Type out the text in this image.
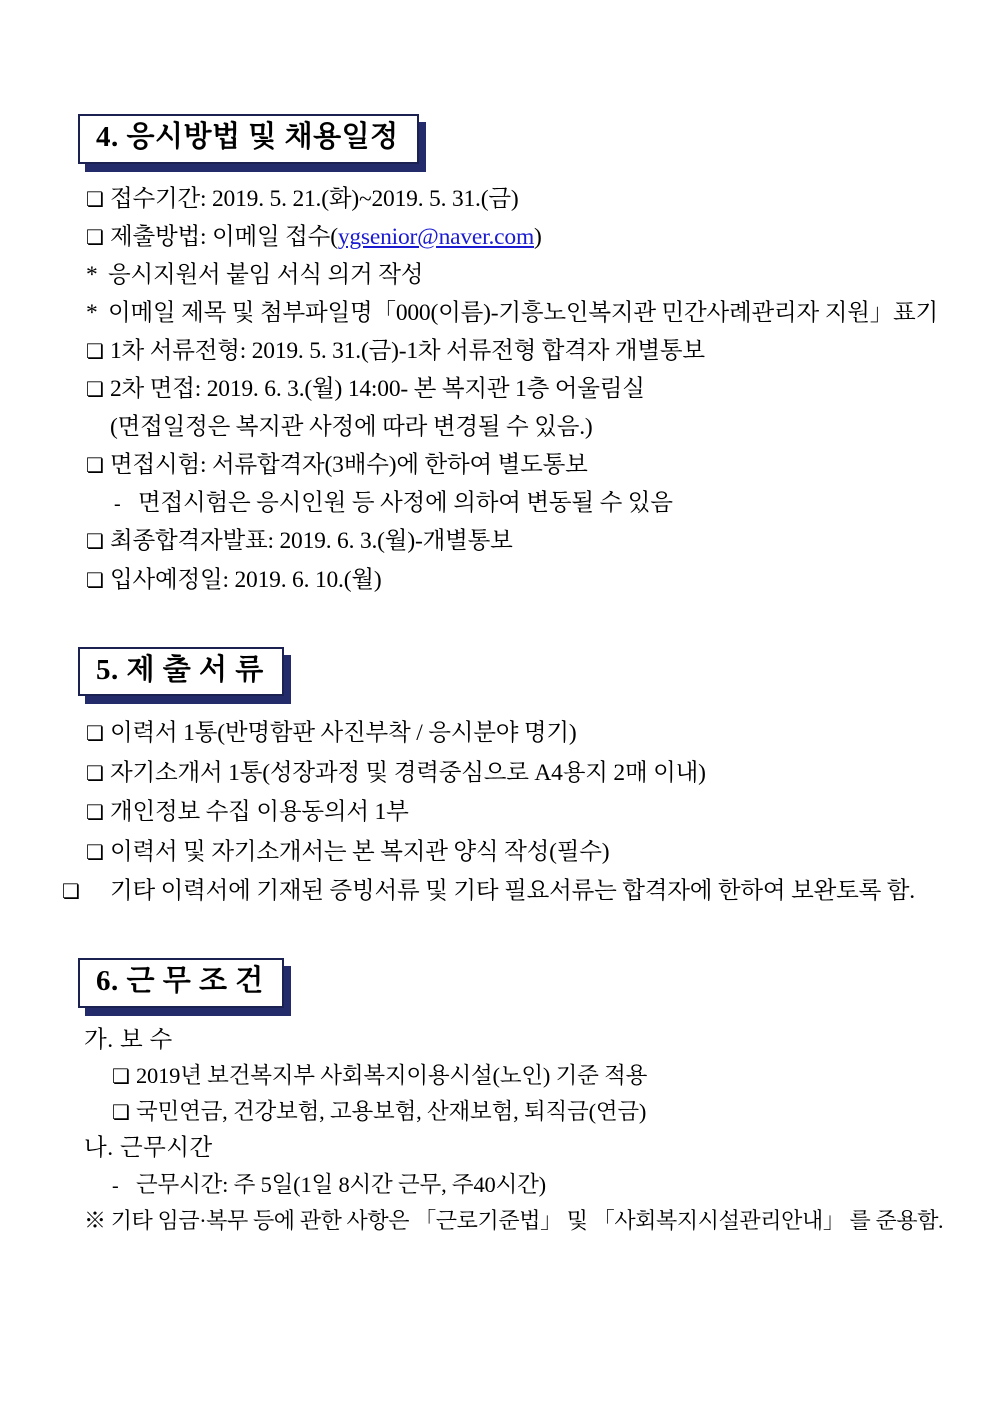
4. 응시방법 및 채용일정
❏ 접수기간: 2019. 5. 21.(화)~2019. 5. 31.(금)
❏ 제출방법: 이메일 접수(ygsenior@naver.com)
* 응시지원서 붙임 서식 의거 작성
* 이메일 제목 및 첨부파일명「000(이름)-기흥노인복지관 민간사례관리자 지원」표기
❏ 1차 서류전형: 2019. 5. 31.(금)-1차 서류전형 합격자 개별통보
❏ 2차 면접: 2019. 6. 3.(월) 14:00- 본 복지관 1층 어울림실
(면접일정은 복지관 사정에 따라 변경될 수 있음.)
❏ 면접시험: 서류합격자(3배수)에 한하여 별도통보
- 면접시험은 응시인원 등 사정에 의하여 변동될 수 있음
❏ 최종합격자발표: 2019. 6. 3.(월)-개별통보
❏ 입사예정일: 2019. 6. 10.(월)
5. 제 출 서 류
❏ 이력서 1통(반명함판 사진부착 / 응시분야 명기)
❏ 자기소개서 1통(성장과정 및 경력중심으로 A4용지 2매 이내)
❏ 개인정보 수집 이용동의서 1부
❏ 이력서 및 자기소개서는 본 복지관 양식 작성(필수)
❏ 기타 이력서에 기재된 증빙서류 및 기타 필요서류는 합격자에 한하여 보완토록 함.
6. 근 무 조 건
가. 보 수
❏ 2019년 보건복지부 사회복지이용시설(노인) 기준 적용
❏ 국민연금, 건강보험, 고용보험, 산재보험, 퇴직금(연금)
나. 근무시간
- 근무시간: 주 5일(1일 8시간 근무, 주40시간)
※ 기타 임금·복무 등에 관한 사항은 「근로기준법」 및 「사회복지시설관리안내」 를 준용함.
